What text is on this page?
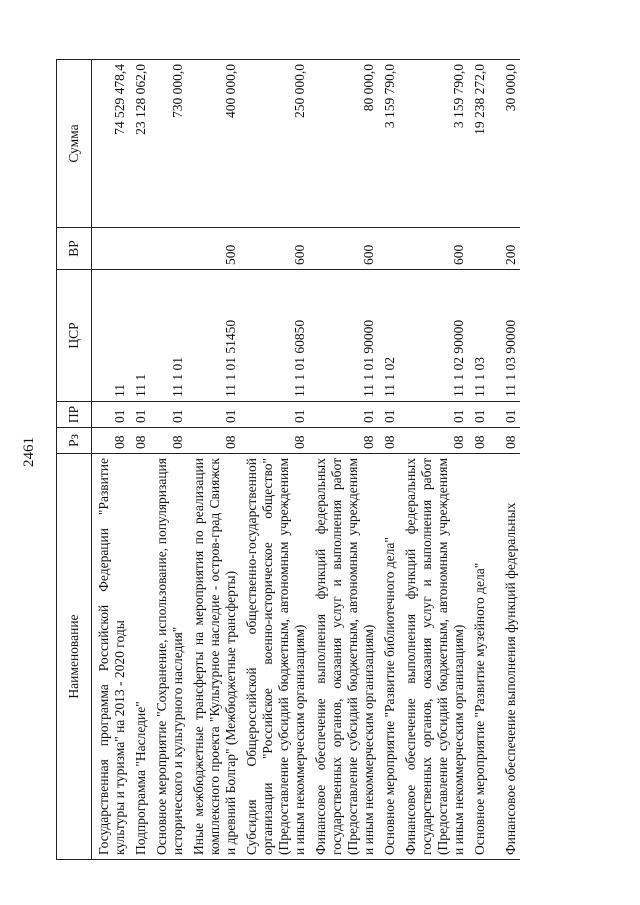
2461
Наименование	Рз	ПР	ЦСР	ВР	Сумма
Государственная программа Российской Федерации "Развитие культуры и туризма" на 2013 - 2020 годы	08	01	11		74 529 478,4
Подпрограмма "Наследие"	08	01	11 1		23 128 062,0
Основное мероприятие "Сохранение, использование, популяризация исторического и культурного наследия"	08	01	11 1 01		730 000,0
Иные межбюджетные трансферты на мероприятия по реализации комплексного проекта "Культурное наследие - остров-град Свияжск и древний Болгар" (Межбюджетные трансферты)	08	01	11 1 01 51450	500	400 000,0
Субсидия Общероссийской общественно-государственной организации "Российское военно-историческое общество" (Предоставление субсидий бюджетным, автономным учреждениям и иным некоммерческим организациям)	08	01	11 1 01 60850	600	250 000,0
Финансовое обеспечение выполнения функций федеральных государственных органов, оказания услуг и выполнения работ (Предоставление субсидий бюджетным, автономным учреждениям и иным некоммерческим организациям)	08	01	11 1 01 90000	600	80 000,0
Основное мероприятие "Развитие библиотечного дела"	08	01	11 1 02		3 159 790,0
Финансовое обеспечение выполнения функций федеральных государственных органов, оказания услуг и выполнения работ (Предоставление субсидий бюджетным, автономным учреждениям и иным некоммерческим организациям)	08	01	11 1 02 90000	600	3 159 790,0
Основное мероприятие "Развитие музейного дела"	08	01	11 1 03		19 238 272,0
Финансовое обеспечение выполнения функций федеральных	08	01	11 1 03 90000	200	30 000,0
